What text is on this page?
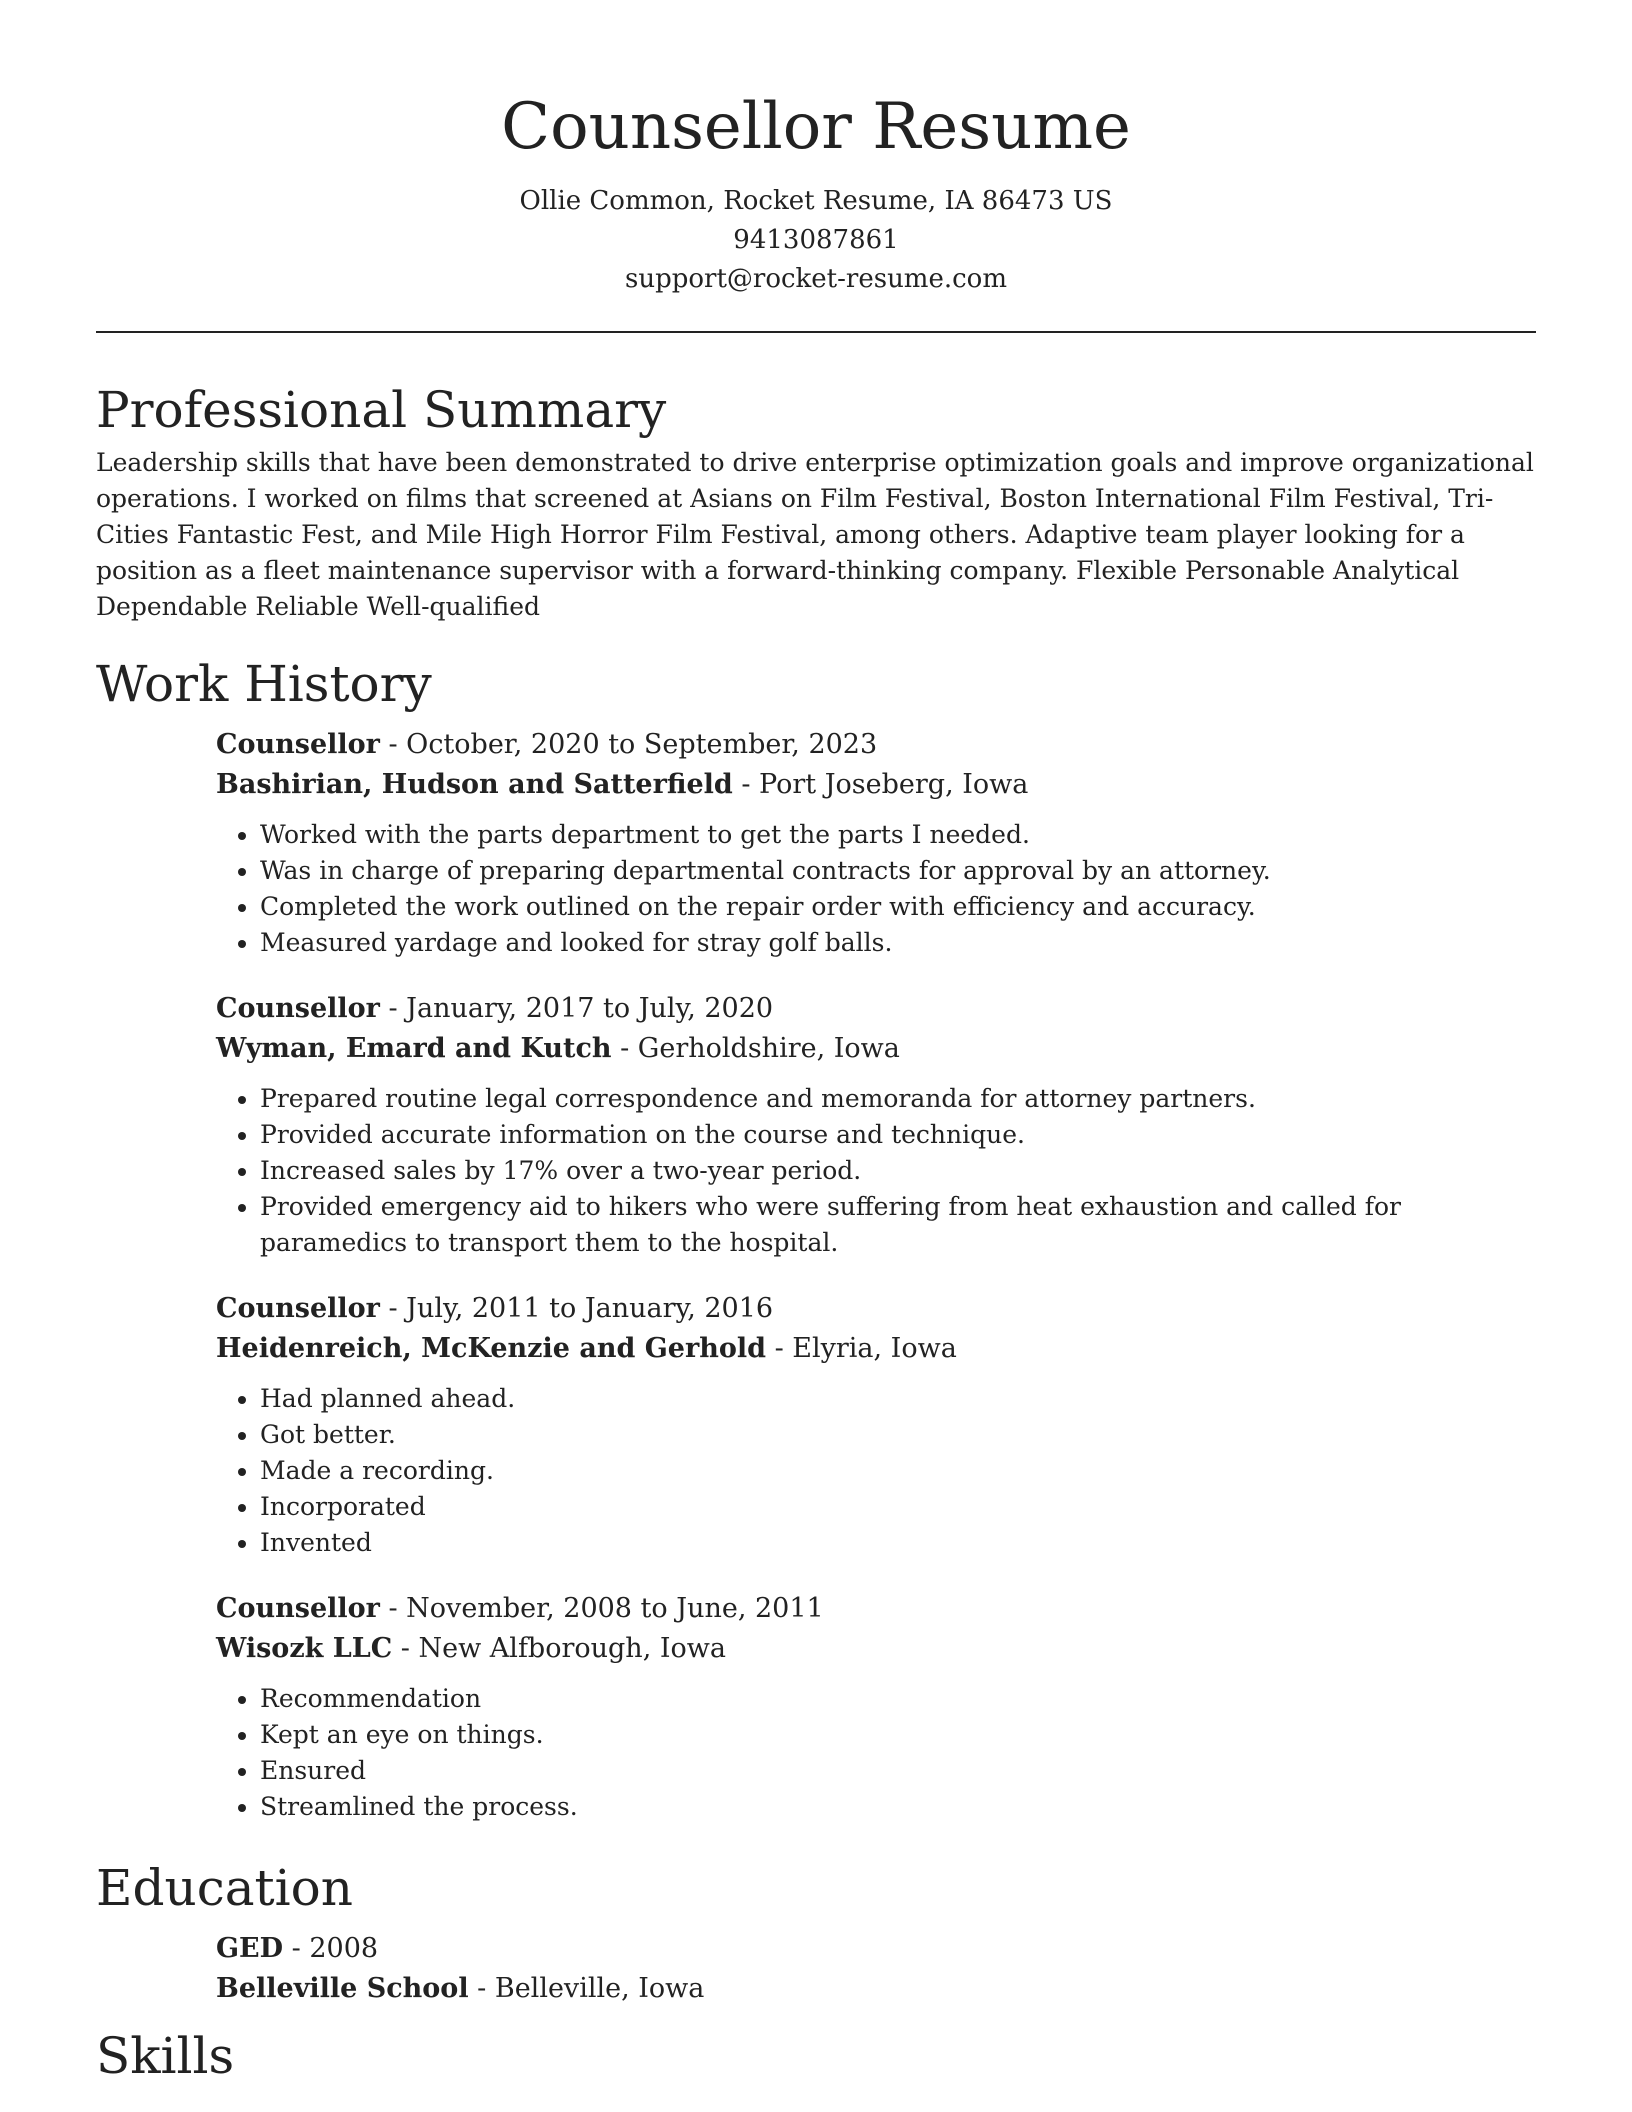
Counsellor Resume

Ollie Common, Rocket Resume, IA 86473 US

9413087861

support@rocket-resume.com

Professional Summary

Leadership skills that have been demonstrated to drive enterprise optimization goals and improve organizational operations. I worked on films that screened at Asians on Film Festival, Boston International Film Festival, Tri-Cities Fantastic Fest, and Mile High Horror Film Festival, among others. Adaptive team player looking for a position as a fleet maintenance supervisor with a forward-thinking company. Flexible Personable Analytical Dependable Reliable Well-qualified

Work History

Counsellor - October, 2020 to September, 2023

Bashirian, Hudson and Satterfield - Port Joseberg, Iowa

• Worked with the parts department to get the parts I needed.
• Was in charge of preparing departmental contracts for approval by an attorney.
• Completed the work outlined on the repair order with efficiency and accuracy.
• Measured yardage and looked for stray golf balls.

Counsellor - January, 2017 to July, 2020

Wyman, Emard and Kutch - Gerholdshire, Iowa

• Prepared routine legal correspondence and memoranda for attorney partners.
• Provided accurate information on the course and technique.
• Increased sales by 17% over a two-year period.
• Provided emergency aid to hikers who were suffering from heat exhaustion and called for paramedics to transport them to the hospital.

Counsellor - July, 2011 to January, 2016

Heidenreich, McKenzie and Gerhold - Elyria, Iowa

• Had planned ahead.
• Got better.
• Made a recording.
• Incorporated
• Invented

Counsellor - November, 2008 to June, 2011

Wisozk LLC - New Alfborough, Iowa

• Recommendation
• Kept an eye on things.
• Ensured
• Streamlined the process.
Education

GED - 2008

Belleville School - Belleville, Iowa

Skills
